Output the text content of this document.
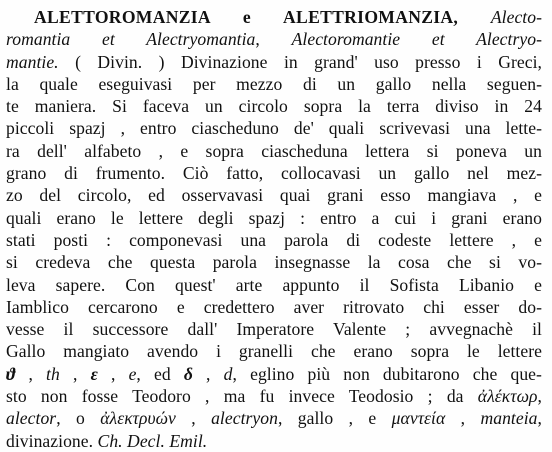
ALETTOROMANZIA e ALETTRIOMANZIA, Alecto-
romantia et Alectryomantia, Alectoromantie et Alectryo-
mantie. ( Divin. ) Divinazione in grand' uso presso i Greci,
la quale eseguivasi per mezzo di un gallo nella seguen-
te maniera. Si faceva un circolo sopra la terra diviso in 24
piccoli spazj , entro ciascheduno de' quali scrivevasi una lette-
ra dell' alfabeto , e sopra ciascheduna lettera si poneva un
grano di frumento. Ciò fatto, collocavasi un gallo nel mez-
zo del circolo, ed osservavasi quai grani esso mangiava , e
quali erano le lettere degli spazj : entro a cui i grani erano
stati posti : componevasi una parola di codeste lettere , e
si credeva che questa parola insegnasse la cosa che si vo-
leva sapere. Con quest' arte appunto il Sofista Libanio e
Iamblico cercarono e credettero aver ritrovato chi esser do-
vesse il successore dall' Imperatore Valente ; avvegnachè il
Gallo mangiato avendo i granelli che erano sopra le lettere
ϑ , th , ε , e, ed δ , d, eglino più non dubitarono che que-
sto non fosse Teodoro , ma fu invece Teodosio ; da ἀλέκτωρ,
alector, o ἀλεκτρυών , alectryon, gallo , e μαντεία , manteia,
divinazione. Ch. Decl. Emil.
